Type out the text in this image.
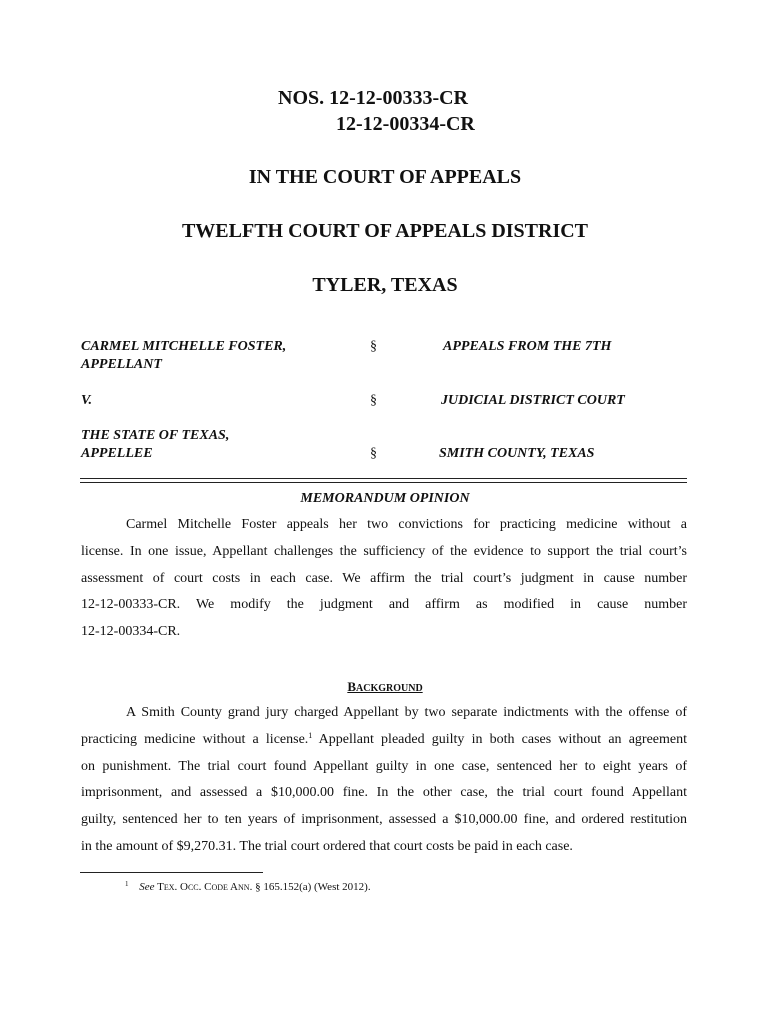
NOS. 12-12-00333-CR
12-12-00334-CR
IN THE COURT OF APPEALS
TWELFTH COURT OF APPEALS DISTRICT
TYLER, TEXAS
CARMEL MITCHELLE FOSTER,
APPELLANT
V.
THE STATE OF TEXAS,
APPELLEE
§
§
§
APPEALS FROM THE 7TH
JUDICIAL DISTRICT COURT
SMITH COUNTY, TEXAS
MEMORANDUM OPINION
Carmel Mitchelle Foster appeals her two convictions for practicing medicine without a
license. In one issue, Appellant challenges the sufficiency of the evidence to support the trial court’s
assessment of court costs in each case. We affirm the trial court’s judgment in cause number
12-12-00333-CR. We modify the judgment and affirm as modified in cause number
12-12-00334-CR.
BACKGROUND
A Smith County grand jury charged Appellant by two separate indictments with the offense of
practicing medicine without a license.$^1$ Appellant pleaded guilty in both cases without an agreement
on punishment. The trial court found Appellant guilty in one case, sentenced her to eight years of
imprisonment, and assessed a $10,000.00 fine. In the other case, the trial court found Appellant
guilty, sentenced her to ten years of imprisonment, assessed a $10,000.00 fine, and ordered restitution
in the amount of $9,270.31. The trial court ordered that court costs be paid in each case.
$^1$ See TEX. OCC. CODE ANN. § 165.152(a) (West 2012).
